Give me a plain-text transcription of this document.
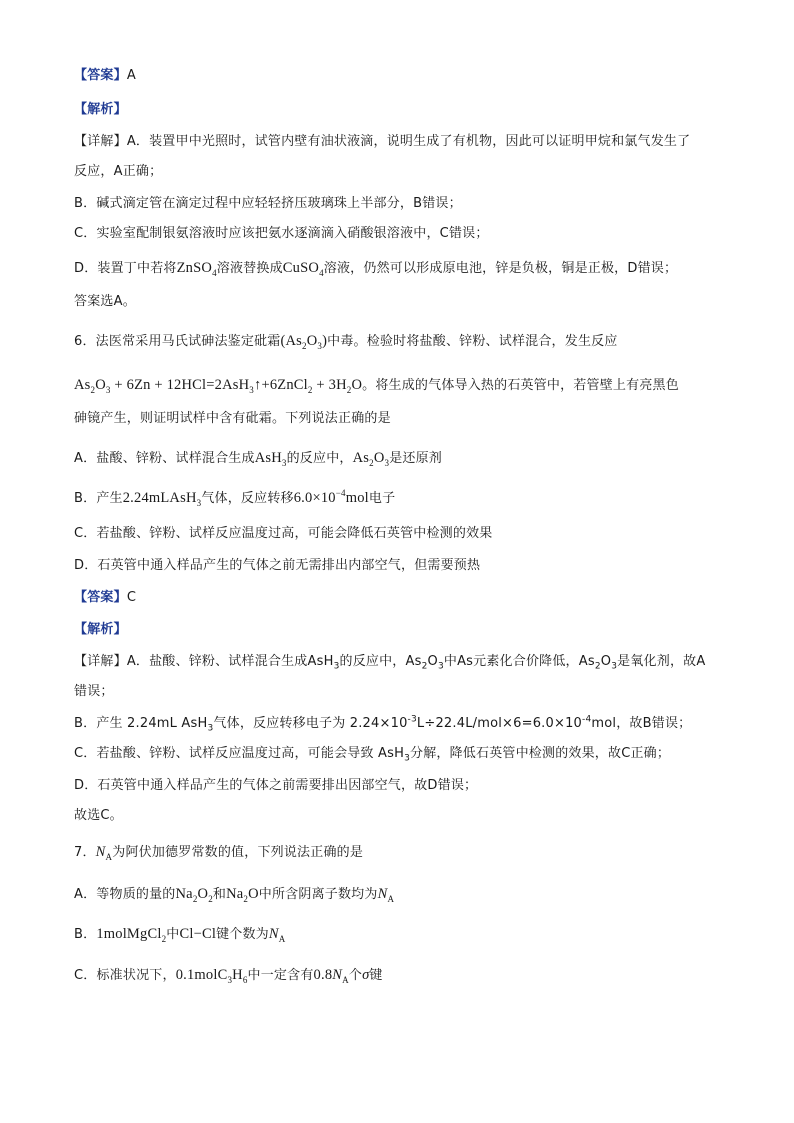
【答案】A
【解析】
【详解】A．装置甲中光照时，试管内壁有油状液滴，说明生成了有机物，因此可以证明甲烷和氯气发生了
反应，A正确；
B．碱式滴定管在滴定过程中应轻轻挤压玻璃珠上半部分，B错误；
C．实验室配制银氨溶液时应该把氨水逐滴滴入硝酸银溶液中，C错误；
D．装置丁中若将ZnSO$_4$溶液替换成CuSO$_4$溶液，仍然可以形成原电池，锌是负极，铜是正极，D错误；
答案选A。
6．法医常采用马氏试砷法鉴定砒霜$(As_2O_3)$中毒。检验时将盐酸、锌粉、试样混合，发生反应
$As_2O_3 + 6Zn$ + 12HCl=2AsH$_3$↑+6ZnCl$_2$ + $3H_2O$。将生成的气体导入热的石英管中，若管壁上有亮黑色
砷镜产生，则证明试样中含有砒霜。下列说法正确的是
A．盐酸、锌粉、试样混合生成AsH$_3$的反应中，$As_2O_3$是还原剂
B．产生2.24mLAsH$_3$气体，反应转移$6.0\times 10^{-4}mol$电子
C．若盐酸、锌粉、试样反应温度过高，可能会降低石英管中检测的效果
D．石英管中通入样品产生的气体之前无需排出内部空气，但需要预热
【答案】C
【解析】
【详解】A．盐酸、锌粉、试样混合生成AsH$_3$的反应中，$As_2O_3$中As元素化合价降低，$As_2O_3$是氧化剂，故A
错误；
B．产生 2.24mL AsH$_3$气体，反应转移电子为 $2.24\times 10^{-3}L\div 22.4L/mol\times 6=6.0\times 10^{-4}mol$，故B错误；
C．若盐酸、锌粉、试样反应温度过高，可能会导致 AsH$_3$分解，降低石英管中检测的效果，故C正确；
D．石英管中通入样品产生的气体之前需要排出因部空气，故D错误；
故选C。
7．$N_A$为阿伏加德罗常数的值，下列说法正确的是
A．等物质的量的$Na_2O_2$和$Na_2O$中所含阴离子数均为$N_A$
B．1molMgCl$_2$中Cl−Cl键个数为$N_A$
C．标准状况下，$0.1molC_3H_6$中一定含有$0.8N_A$个σ键
